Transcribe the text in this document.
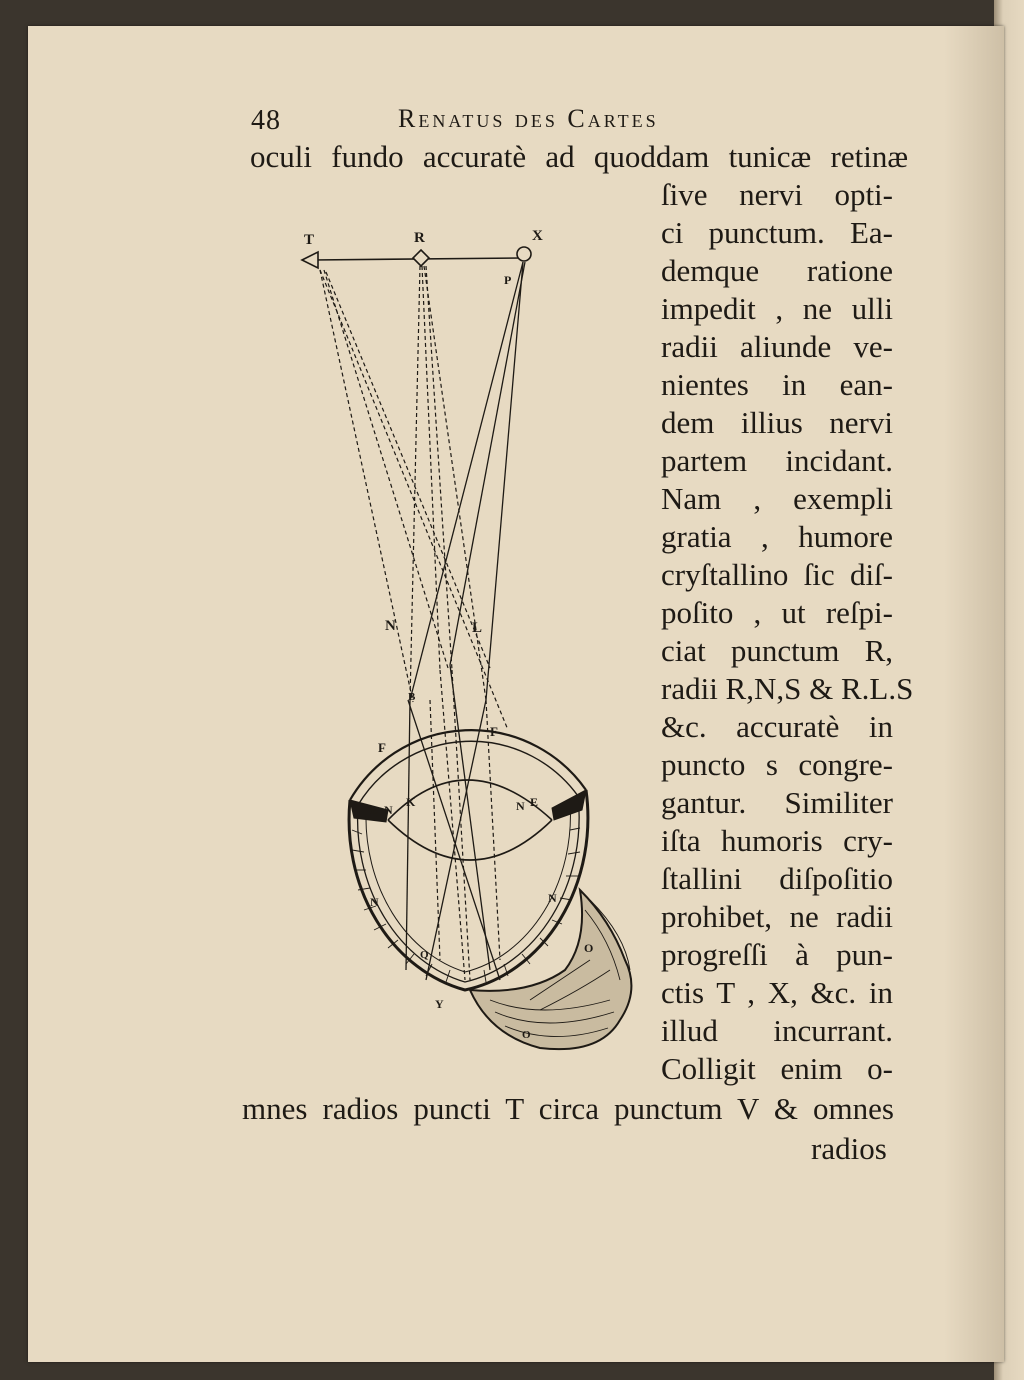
48	Renatus des Cartes
oculi fundo accuratè ad quoddam tunicæ retinæ
ſive nervi opti-
ci punctum. Ea-
demque ratione
impedit , ne ulli
radii aliunde ve-
nientes in ean-
dem illius nervi
partem incidant.
Nam , exempli
gratia , humore
cryſtallino ſic diſ-
poſito , ut reſpi-
ciat punctum R,
radii R,N,S & R.L.S
&c. accuratè in
puncto s congre-
gantur. Similiter
iſta humoris cry-
ſtallini diſpoſitio
prohibet, ne radii
progreſſi à pun-
ctis T , X, &c. in
illud incurrant.
Colligit enim o-
mnes radios puncti T circa punctum V & omnes
radios
T	R	X
P
N	L
B
F
F
K
N
E	N E
N	N
Q
Y
O
O
